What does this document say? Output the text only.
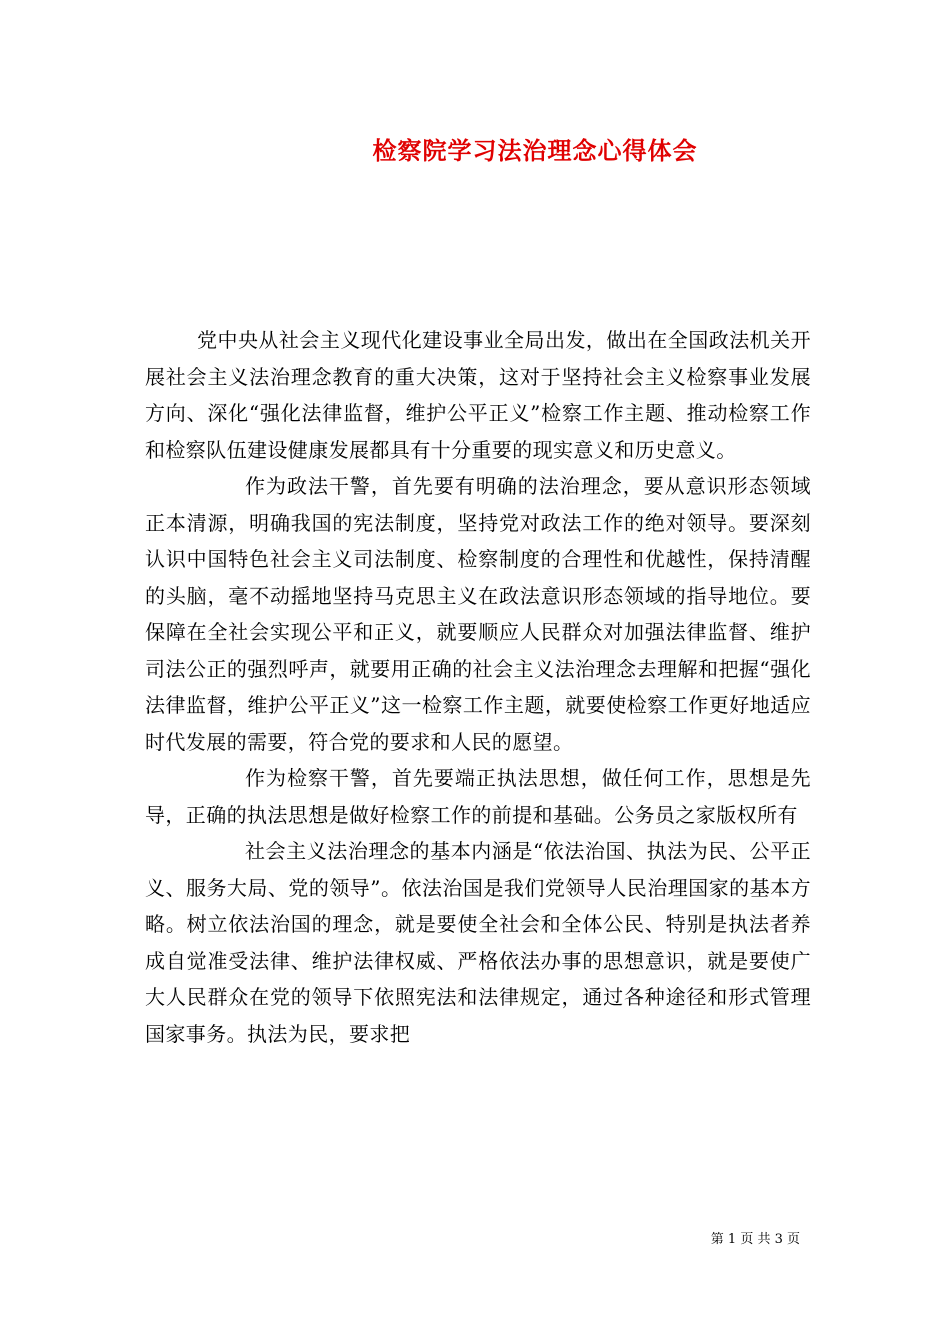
检察院学习法治理念心得体会

党中央从社会主义现代化建设事业全局出发，做出在全国政法机关开展社会主义法治理念教育的重大决策，这对于坚持社会主义检察事业发展方向、深化“强化法律监督，维护公平正义”检察工作主题、推动检察工作和检察队伍建设健康发展都具有十分重要的现实意义和历史意义。

作为政法干警，首先要有明确的法治理念，要从意识形态领域正本清源，明确我国的宪法制度，坚持党对政法工作的绝对领导。要深刻认识中国特色社会主义司法制度、检察制度的合理性和优越性，保持清醒的头脑，毫不动摇地坚持马克思主义在政法意识形态领域的指导地位。要保障在全社会实现公平和正义，就要顺应人民群众对加强法律监督、维护司法公正的强烈呼声，就要用正确的社会主义法治理念去理解和把握“强化法律监督，维护公平正义”这一检察工作主题，就要使检察工作更好地适应时代发展的需要，符合党的要求和人民的愿望。

作为检察干警，首先要端正执法思想，做任何工作，思想是先导，正确的执法思想是做好检察工作的前提和基础。公务员之家版权所有

社会主义法治理念的基本内涵是“依法治国、执法为民、公平正义、服务大局、党的领导”。依法治国是我们党领导人民治理国家的基本方略。树立依法治国的理念，就是要使全社会和全体公民、特别是执法者养成自觉准受法律、维护法律权威、严格依法办事的思想意识，就是要使广大人民群众在党的领导下依照宪法和法律规定，通过各种途径和形式管理国家事务。执法为民，要求把

第 1 页 共 3 页
